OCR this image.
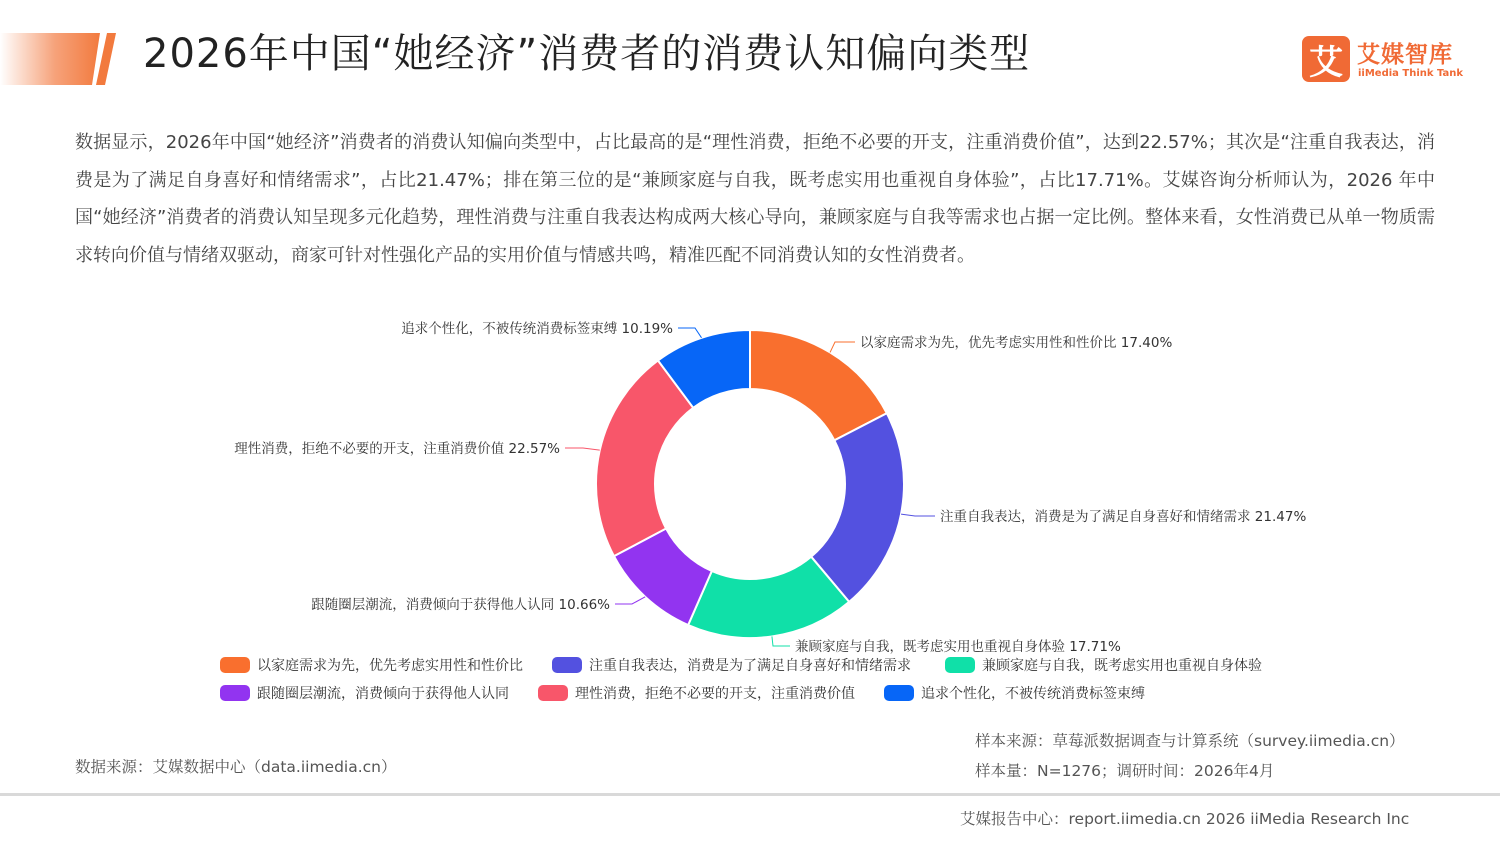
2026年中国“她经济”消费者的消费认知偏向类型	艾 艾媒智库
iiMedia Think Tank
数据显示，2026年中国“她经济”消费者的消费认知偏向类型中，占比最高的是“理性消费，拒绝不必要的开支，注重消费价值”，达到22.57%；其次是“注重自我表达，消费是为了满足自身喜好和情绪需求”，占比21.47%；排在第三位的是“兼顾家庭与自我，既考虑实用也重视自身体验”，占比17.71%。艾媒咨询分析师认为，2026 年中国“她经济”消费者的消费认知呈现多元化趋势，理性消费与注重自我表达构成两大核心导向，兼顾家庭与自我等需求也占据一定比例。整体来看，女性消费已从单一物质需求转向价值与情绪双驱动，商家可针对性强化产品的实用价值与情感共鸣，精准匹配不同消费认知的女性消费者。
以家庭需求为先，优先考虑实用性和性价比 17.40%
注重自我表达，消费是为了满足自身喜好和情绪需求 21.47%
兼顾家庭与自我，既考虑实用也重视自身体验 17.71%
跟随圈层潮流，消费倾向于获得他人认同 10.66%
理性消费，拒绝不必要的开支，注重消费价值 22.57%
追求个性化，不被传统消费标签束缚 10.19%
以家庭需求为先，优先考虑实用性和性价比	注重自我表达，消费是为了满足自身喜好和情绪需求	兼顾家庭与自我，既考虑实用也重视自身体验
跟随圈层潮流，消费倾向于获得他人认同	理性消费，拒绝不必要的开支，注重消费价值	追求个性化，不被传统消费标签束缚
样本来源：草莓派数据调查与计算系统（survey.iimedia.cn）
样本量：N=1276；调研时间：2026年4月
数据来源：艾媒数据中心（data.iimedia.cn）
艾媒报告中心：report.iimedia.cn 2026 iiMedia Research Inc
